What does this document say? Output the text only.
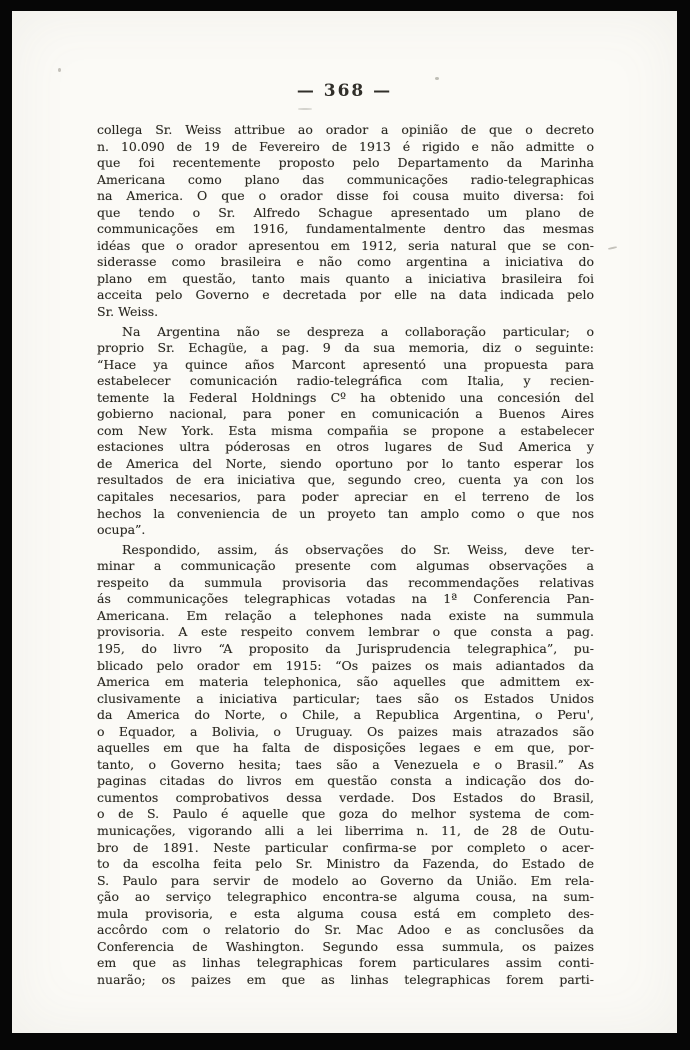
— 368 —
collega Sr. Weiss attribue ao orador a opinião de que o decreto
n. 10.090 de 19 de Fevereiro de 1913 é rigido e não admitte o
que foi recentemente proposto pelo Departamento da Marinha
Americana como plano das communicações radio-telegraphicas
na America. O que o orador disse foi cousa muito diversa: foi
que tendo o Sr. Alfredo Schague apresentado um plano de
communicações em 1916, fundamentalmente dentro das mesmas
idéas que o orador apresentou em 1912, seria natural que se con-
siderasse como brasileira e não como argentina a iniciativa do
plano em questão, tanto mais quanto a iniciativa brasileira foi
acceita pelo Governo e decretada por elle na data indicada pelo
Sr. Weiss.
Na Argentina não se despreza a collaboração particular; o
proprio Sr. Echagüe, a pag. 9 da sua memoria, diz o seguinte:
“Hace ya quince años Marcont apresentó una propuesta para
estabelecer comunicación radio-telegráfica com Italia, y recien-
temente la Federal Holdnings Cº ha obtenido una concesión del
gobierno nacional, para poner en comunicación a Buenos Aires
com New York. Esta misma compañia se propone a estabelecer
estaciones ultra póderosas en otros lugares de Sud America y
de America del Norte, siendo oportuno por lo tanto esperar los
resultados de era iniciativa que, segundo creo, cuenta ya con los
capitales necesarios, para poder apreciar en el terreno de los
hechos la conveniencia de un proyeto tan amplo como o que nos
ocupa”.
Respondido, assim, ás observações do Sr. Weiss, deve ter-
minar a communicação presente com algumas observações a
respeito da summula provisoria das recommendações relativas
ás communicações telegraphicas votadas na 1ª Conferencia Pan-
Americana. Em relação a telephones nada existe na summula
provisoria. A este respeito convem lembrar o que consta a pag.
195, do livro “A proposito da Jurisprudencia telegraphica”, pu-
blicado pelo orador em 1915: “Os paizes os mais adiantados da
America em materia telephonica, são aquelles que admittem ex-
clusivamente a iniciativa particular; taes são os Estados Unidos
da America do Norte, o Chile, a Republica Argentina, o Peru',
o Equador, a Bolivia, o Uruguay. Os paizes mais atrazados são
aquelles em que ha falta de disposições legaes e em que, por-
tanto, o Governo hesita; taes são a Venezuela e o Brasil.” As
paginas citadas do livros em questão consta a indicação dos do-
cumentos comprobativos dessa verdade. Dos Estados do Brasil,
o de S. Paulo é aquelle que goza do melhor systema de com-
municações, vigorando alli a lei liberrima n. 11, de 28 de Outu-
bro de 1891. Neste particular confirma-se por completo o acer-
to da escolha feita pelo Sr. Ministro da Fazenda, do Estado de
S. Paulo para servir de modelo ao Governo da União. Em rela-
ção ao serviço telegraphico encontra-se alguma cousa, na sum-
mula provisoria, e esta alguma cousa está em completo des-
accôrdo com o relatorio do Sr. Mac Adoo e as conclusões da
Conferencia de Washington. Segundo essa summula, os paizes
em que as linhas telegraphicas forem particulares assim conti-
nuarão; os paizes em que as linhas telegraphicas forem parti-
